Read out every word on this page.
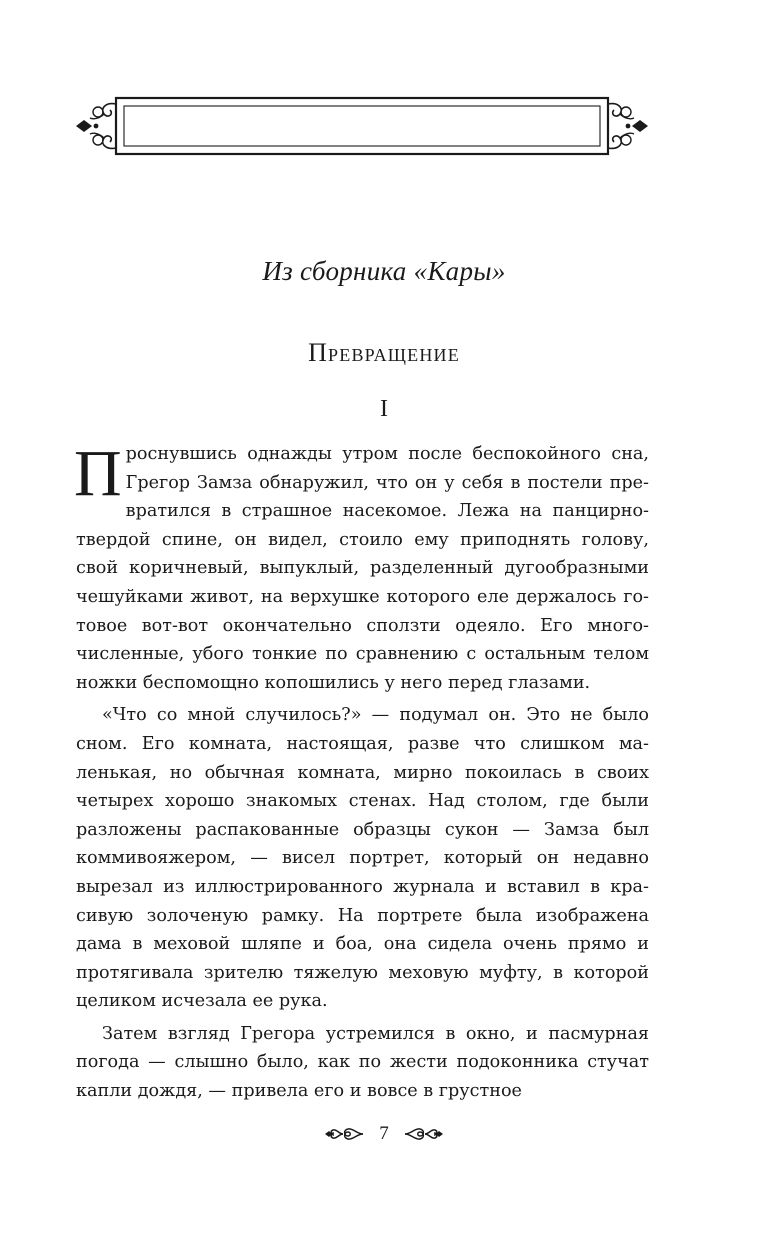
Из сборника «Кары»
Превращение
I

Проснувшись однажды утром после беспокойного сна, Грегор Замза обнаружил, что он у себя в постели превратился в страшное насекомое. Лежа на панцирно-твердой спине, он видел, стоило ему приподнять голову, свой коричневый, выпуклый, разделенный дугообразными чешуйками живот, на верхушке которого еле держалось готовое вот-вот окончательно сползти одеяло. Его многочисленные, убого тонкие по сравнению с остальным телом ножки беспомощно копошились у него перед глазами.

«Что со мной случилось?» — подумал он. Это не было сном. Его комната, настоящая, разве что слишком маленькая, но обычная комната, мирно покоилась в своих четырех хорошо знакомых стенах. Над столом, где были разложены распакованные образцы сукон — Замза был коммивояжером, — висел портрет, который он недавно вырезал из иллюстрированного журнала и вставил в красивую золоченую рамку. На портрете была изображена дама в меховой шляпе и боа, она сидела очень прямо и протягивала зрителю тяжелую меховую муфту, в которой целиком исчезала ее рука.

Затем взгляд Грегора устремился в окно, и пасмурная погода — слышно было, как по жести подоконника стучат капли дождя, — привела его и вовсе в грустное

7
